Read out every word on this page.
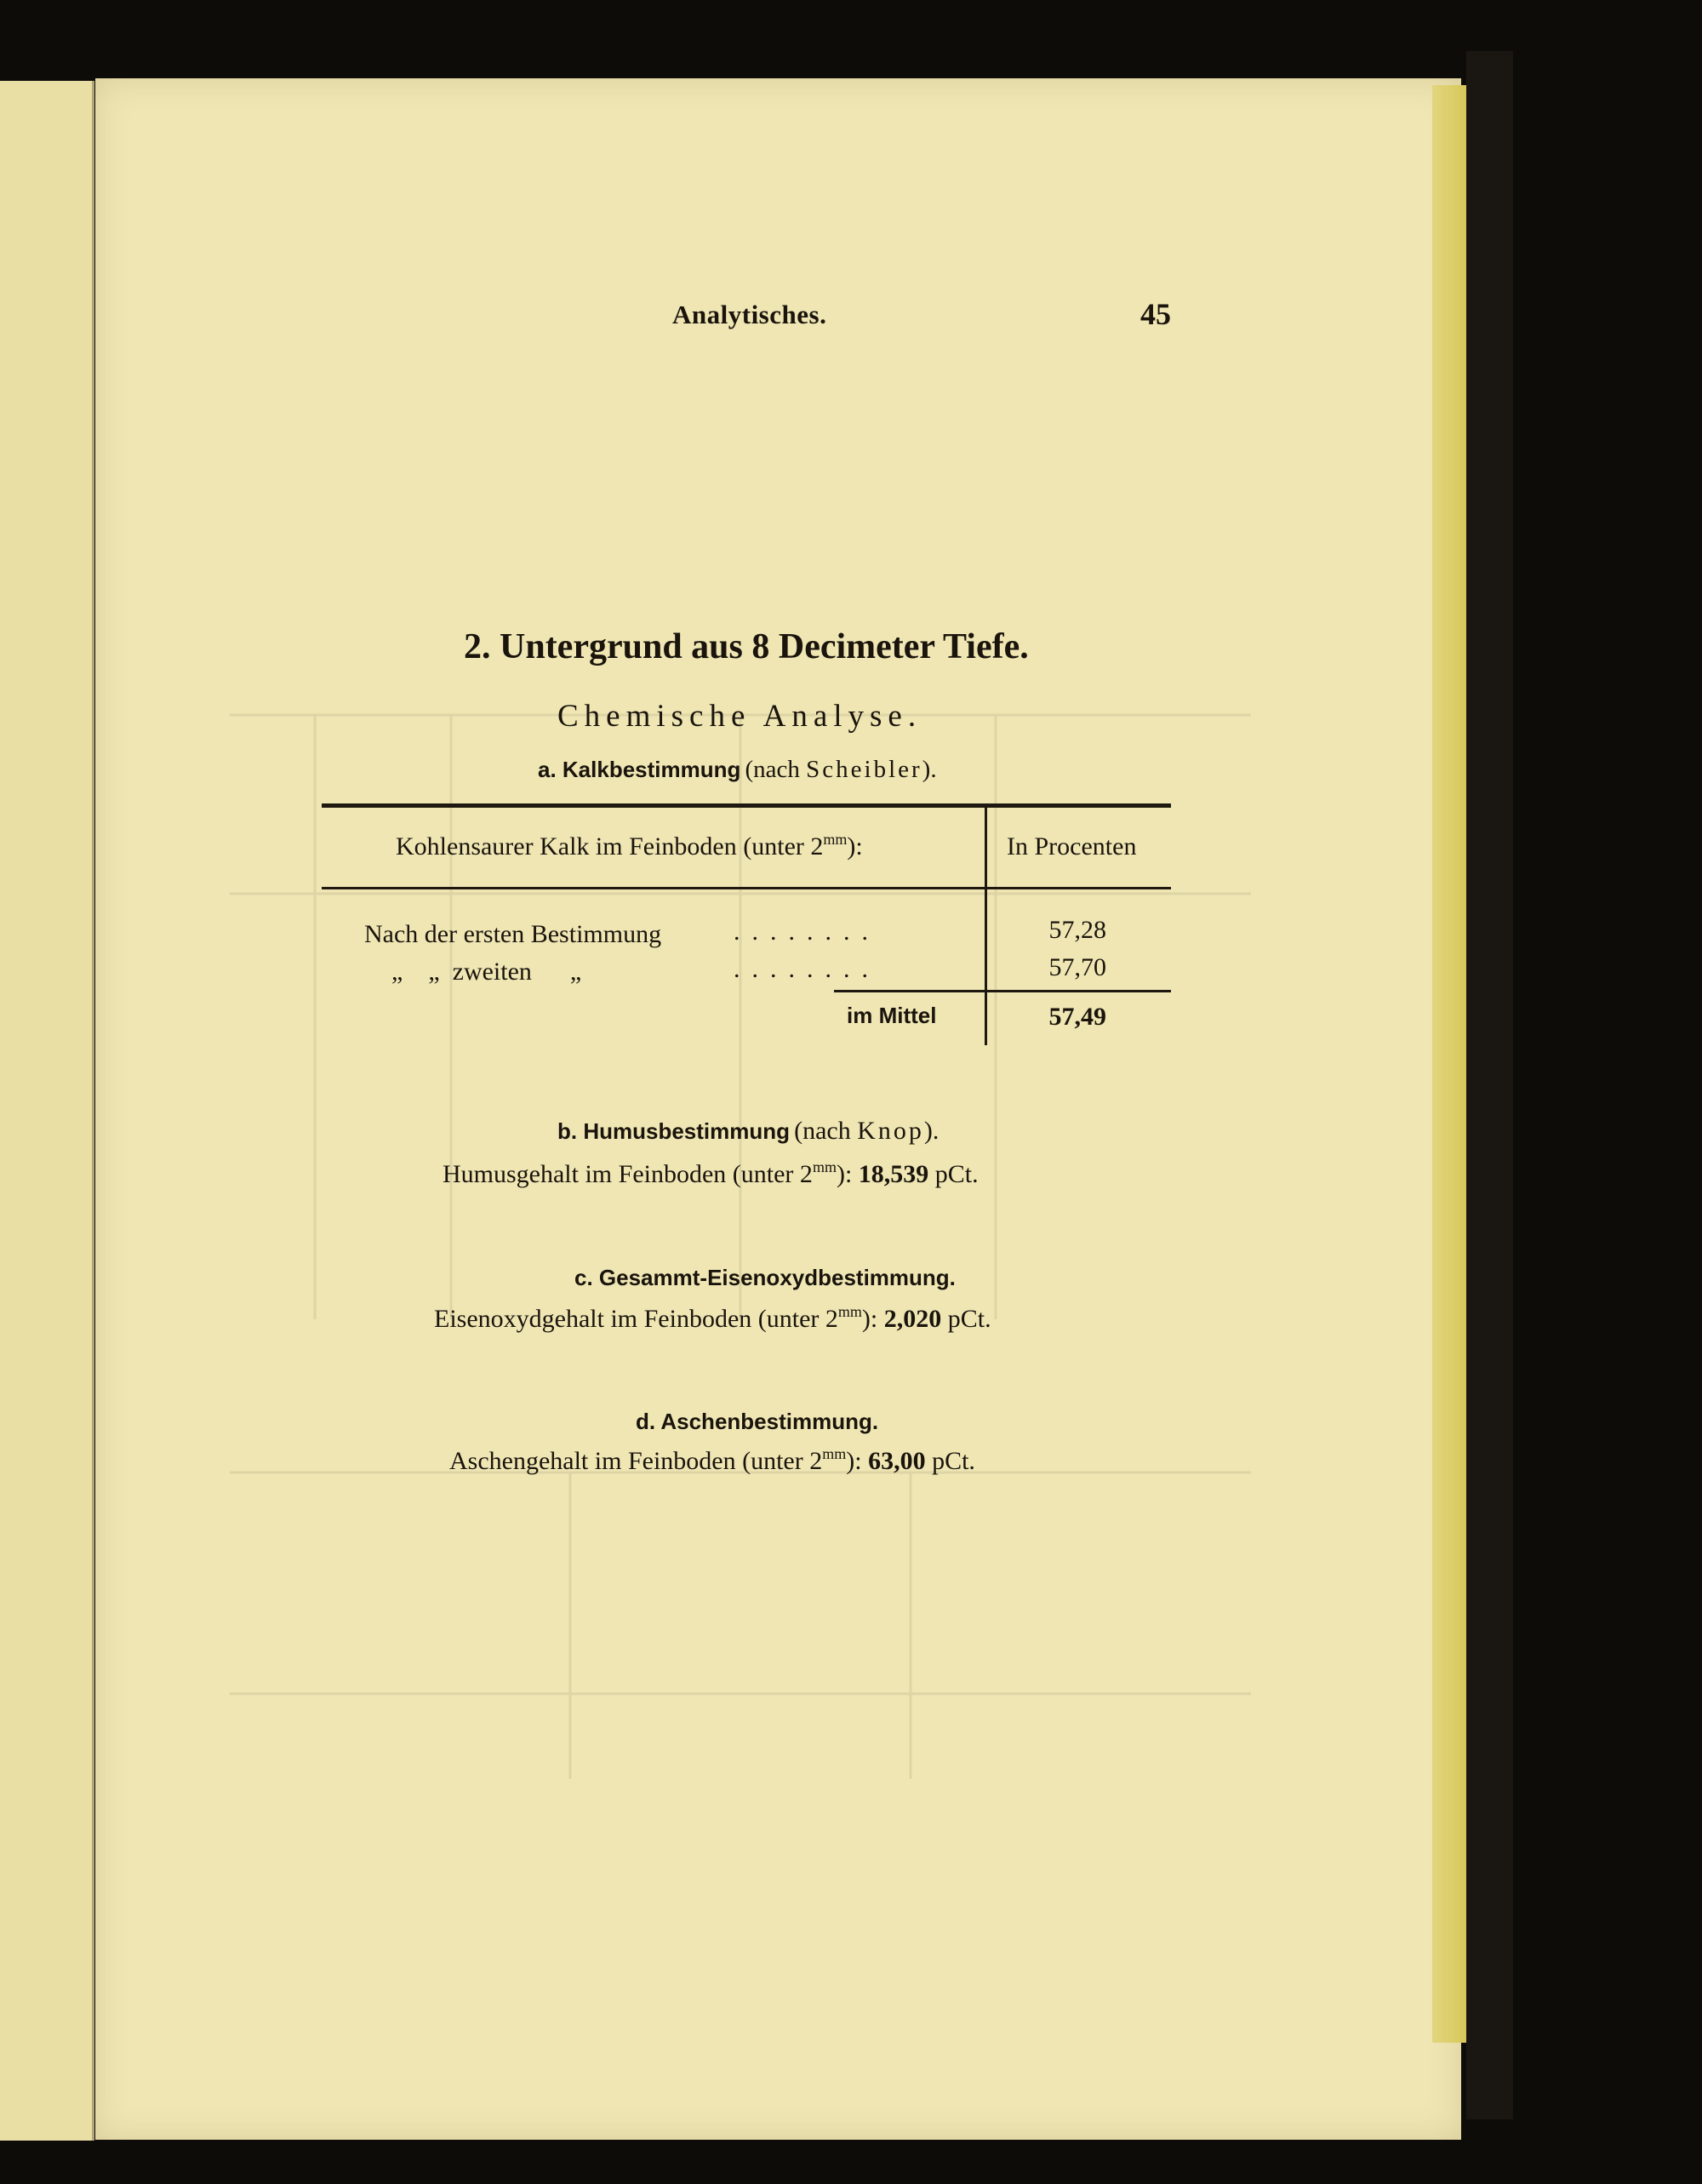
Analytisches.	45
2. Untergrund aus 8 Decimeter Tiefe.
Chemische Analyse.
a. Kalkbestimmung (nach Scheibler).
Kohlensaurer Kalk im Feinboden (unter $2^{mm}$):	In Procenten
Nach der ersten Bestimmung	........	57,28
„    „  zweiten      „	........	57,70
im Mittel	57,49
b. Humusbestimmung (nach Knop).
Humusgehalt im Feinboden (unter $2^{mm}$): 18,539 pCt.
c. Gesammt-Eisenoxydbestimmung.
Eisenoxydgehalt im Feinboden (unter $2^{mm}$): 2,020 pCt.
d. Aschenbestimmung.
Aschengehalt im Feinboden (unter $2^{mm}$): 63,00 pCt.
